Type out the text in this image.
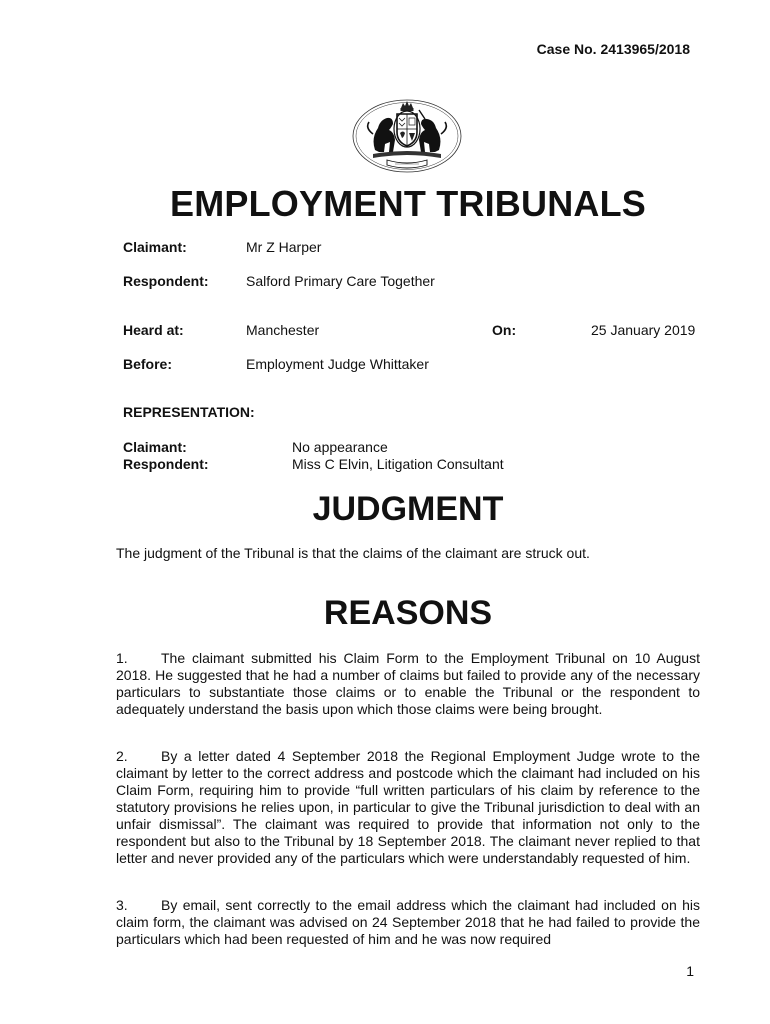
Case No. 2413965/2018
EMPLOYMENT TRIBUNALS
Claimant:	Mr Z Harper
Respondent:	Salford Primary Care Together
Heard at:	Manchester	On:	25 January 2019
Before:	Employment Judge Whittaker
REPRESENTATION:
Claimant:	No appearance
Respondent:	Miss C Elvin, Litigation Consultant
JUDGMENT
The judgment of the Tribunal is that the claims of the claimant are struck out.
REASONS

1. The claimant submitted his Claim Form to the Employment Tribunal on 10 August 2018. He suggested that he had a number of claims but failed to provide any of the necessary particulars to substantiate those claims or to enable the Tribunal or the respondent to adequately understand the basis upon which those claims were being brought.

2. By a letter dated 4 September 2018 the Regional Employment Judge wrote to the claimant by letter to the correct address and postcode which the claimant had included on his Claim Form, requiring him to provide “full written particulars of his claim by reference to the statutory provisions he relies upon, in particular to give the Tribunal jurisdiction to deal with an unfair dismissal”. The claimant was required to provide that information not only to the respondent but also to the Tribunal by 18 September 2018. The claimant never replied to that letter and never provided any of the particulars which were understandably requested of him.

3. By email, sent correctly to the email address which the claimant had included on his claim form, the claimant was advised on 24 September 2018 that he had failed to provide the particulars which had been requested of him and he was now required

1
